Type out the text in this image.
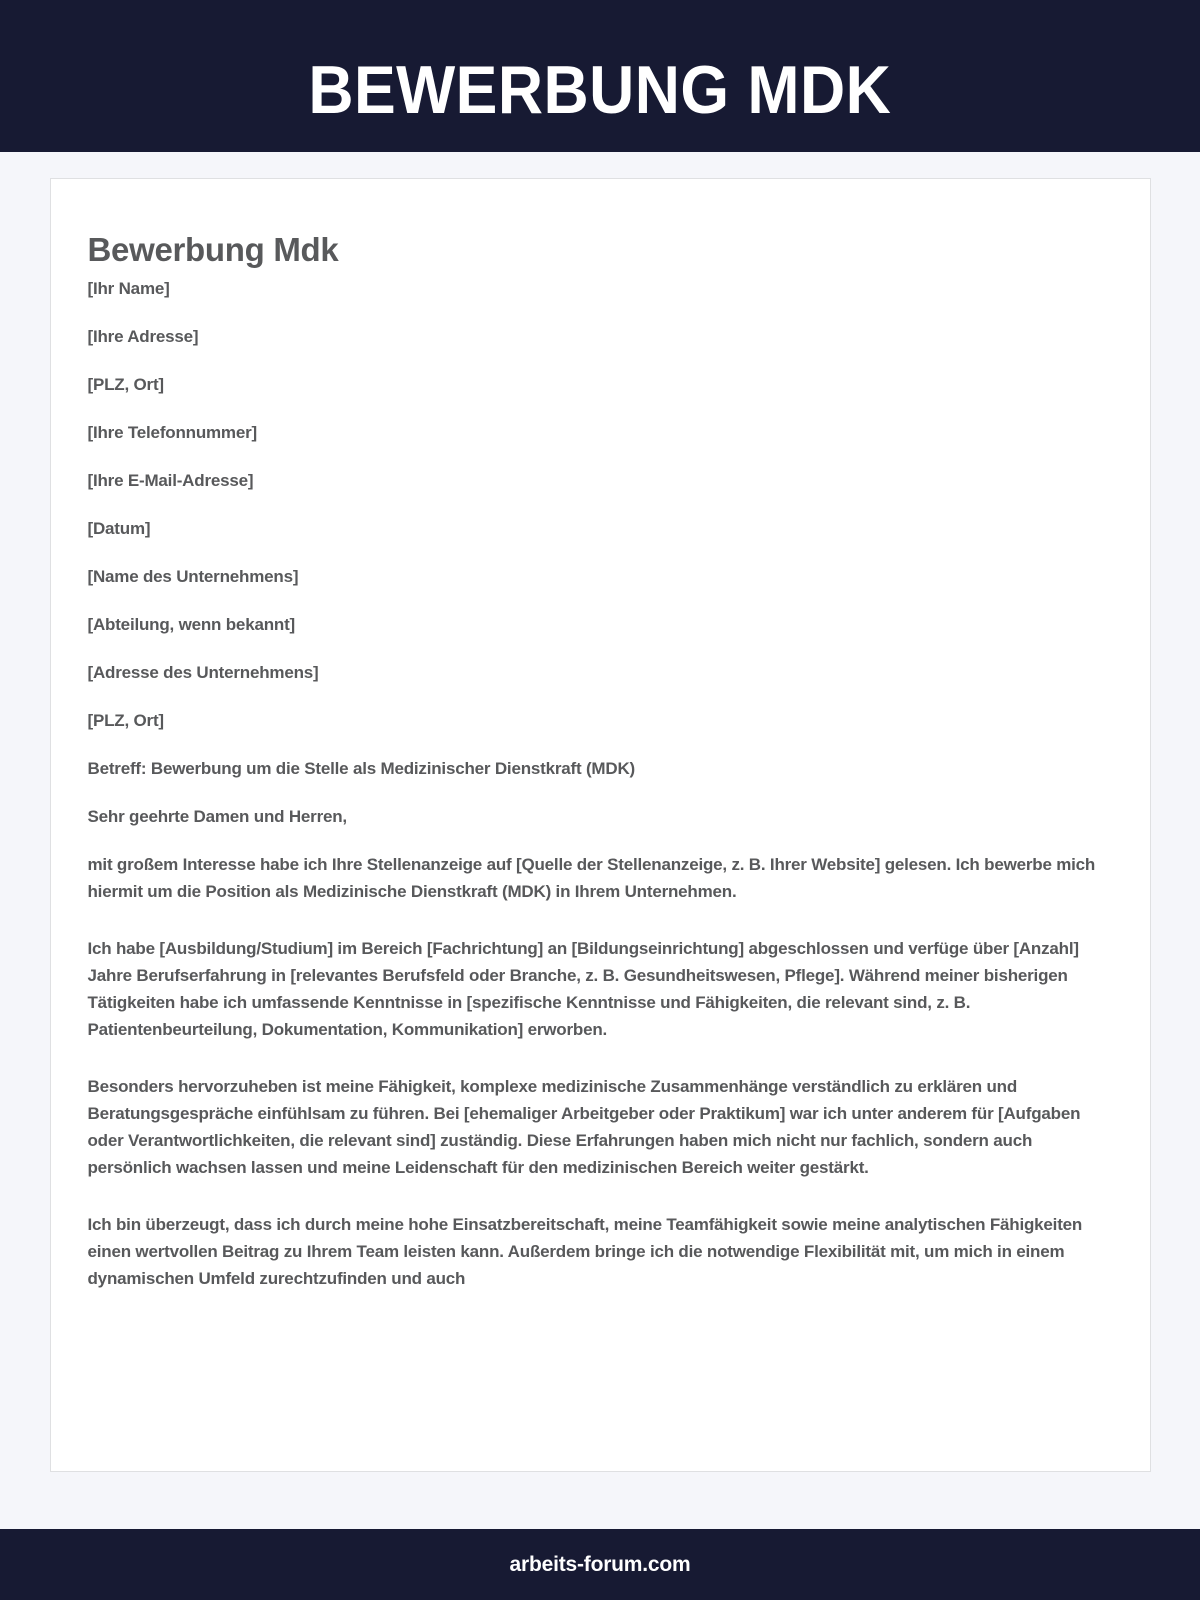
BEWERBUNG MDK
Bewerbung Mdk

[Ihr Name]

[Ihre Adresse]

[PLZ, Ort]

[Ihre Telefonnummer]

[Ihre E-Mail-Adresse]

[Datum]

[Name des Unternehmens]

[Abteilung, wenn bekannt]

[Adresse des Unternehmens]

[PLZ, Ort]

Betreff: Bewerbung um die Stelle als Medizinischer Dienstkraft (MDK)

Sehr geehrte Damen und Herren,

mit großem Interesse habe ich Ihre Stellenanzeige auf [Quelle der Stellenanzeige, z. B. Ihrer Website] gelesen. Ich bewerbe mich hiermit um die Position als Medizinische Dienstkraft (MDK) in Ihrem Unternehmen.

Ich habe [Ausbildung/Studium] im Bereich [Fachrichtung] an [Bildungseinrichtung] abgeschlossen und verfüge über [Anzahl] Jahre Berufserfahrung in [relevantes Berufsfeld oder Branche, z. B. Gesundheitswesen, Pflege]. Während meiner bisherigen Tätigkeiten habe ich umfassende Kenntnisse in [spezifische Kenntnisse und Fähigkeiten, die relevant sind, z. B. Patientenbeurteilung, Dokumentation, Kommunikation] erworben.

Besonders hervorzuheben ist meine Fähigkeit, komplexe medizinische Zusammenhänge verständlich zu erklären und Beratungsgespräche einfühlsam zu führen. Bei [ehemaliger Arbeitgeber oder Praktikum] war ich unter anderem für [Aufgaben oder Verantwortlichkeiten, die relevant sind] zuständig. Diese Erfahrungen haben mich nicht nur fachlich, sondern auch persönlich wachsen lassen und meine Leidenschaft für den medizinischen Bereich weiter gestärkt.

Ich bin überzeugt, dass ich durch meine hohe Einsatzbereitschaft, meine Teamfähigkeit sowie meine analytischen Fähigkeiten einen wertvollen Beitrag zu Ihrem Team leisten kann. Außerdem bringe ich die notwendige Flexibilität mit, um mich in einem dynamischen Umfeld zurechtzufinden und auch

arbeits-forum.com
